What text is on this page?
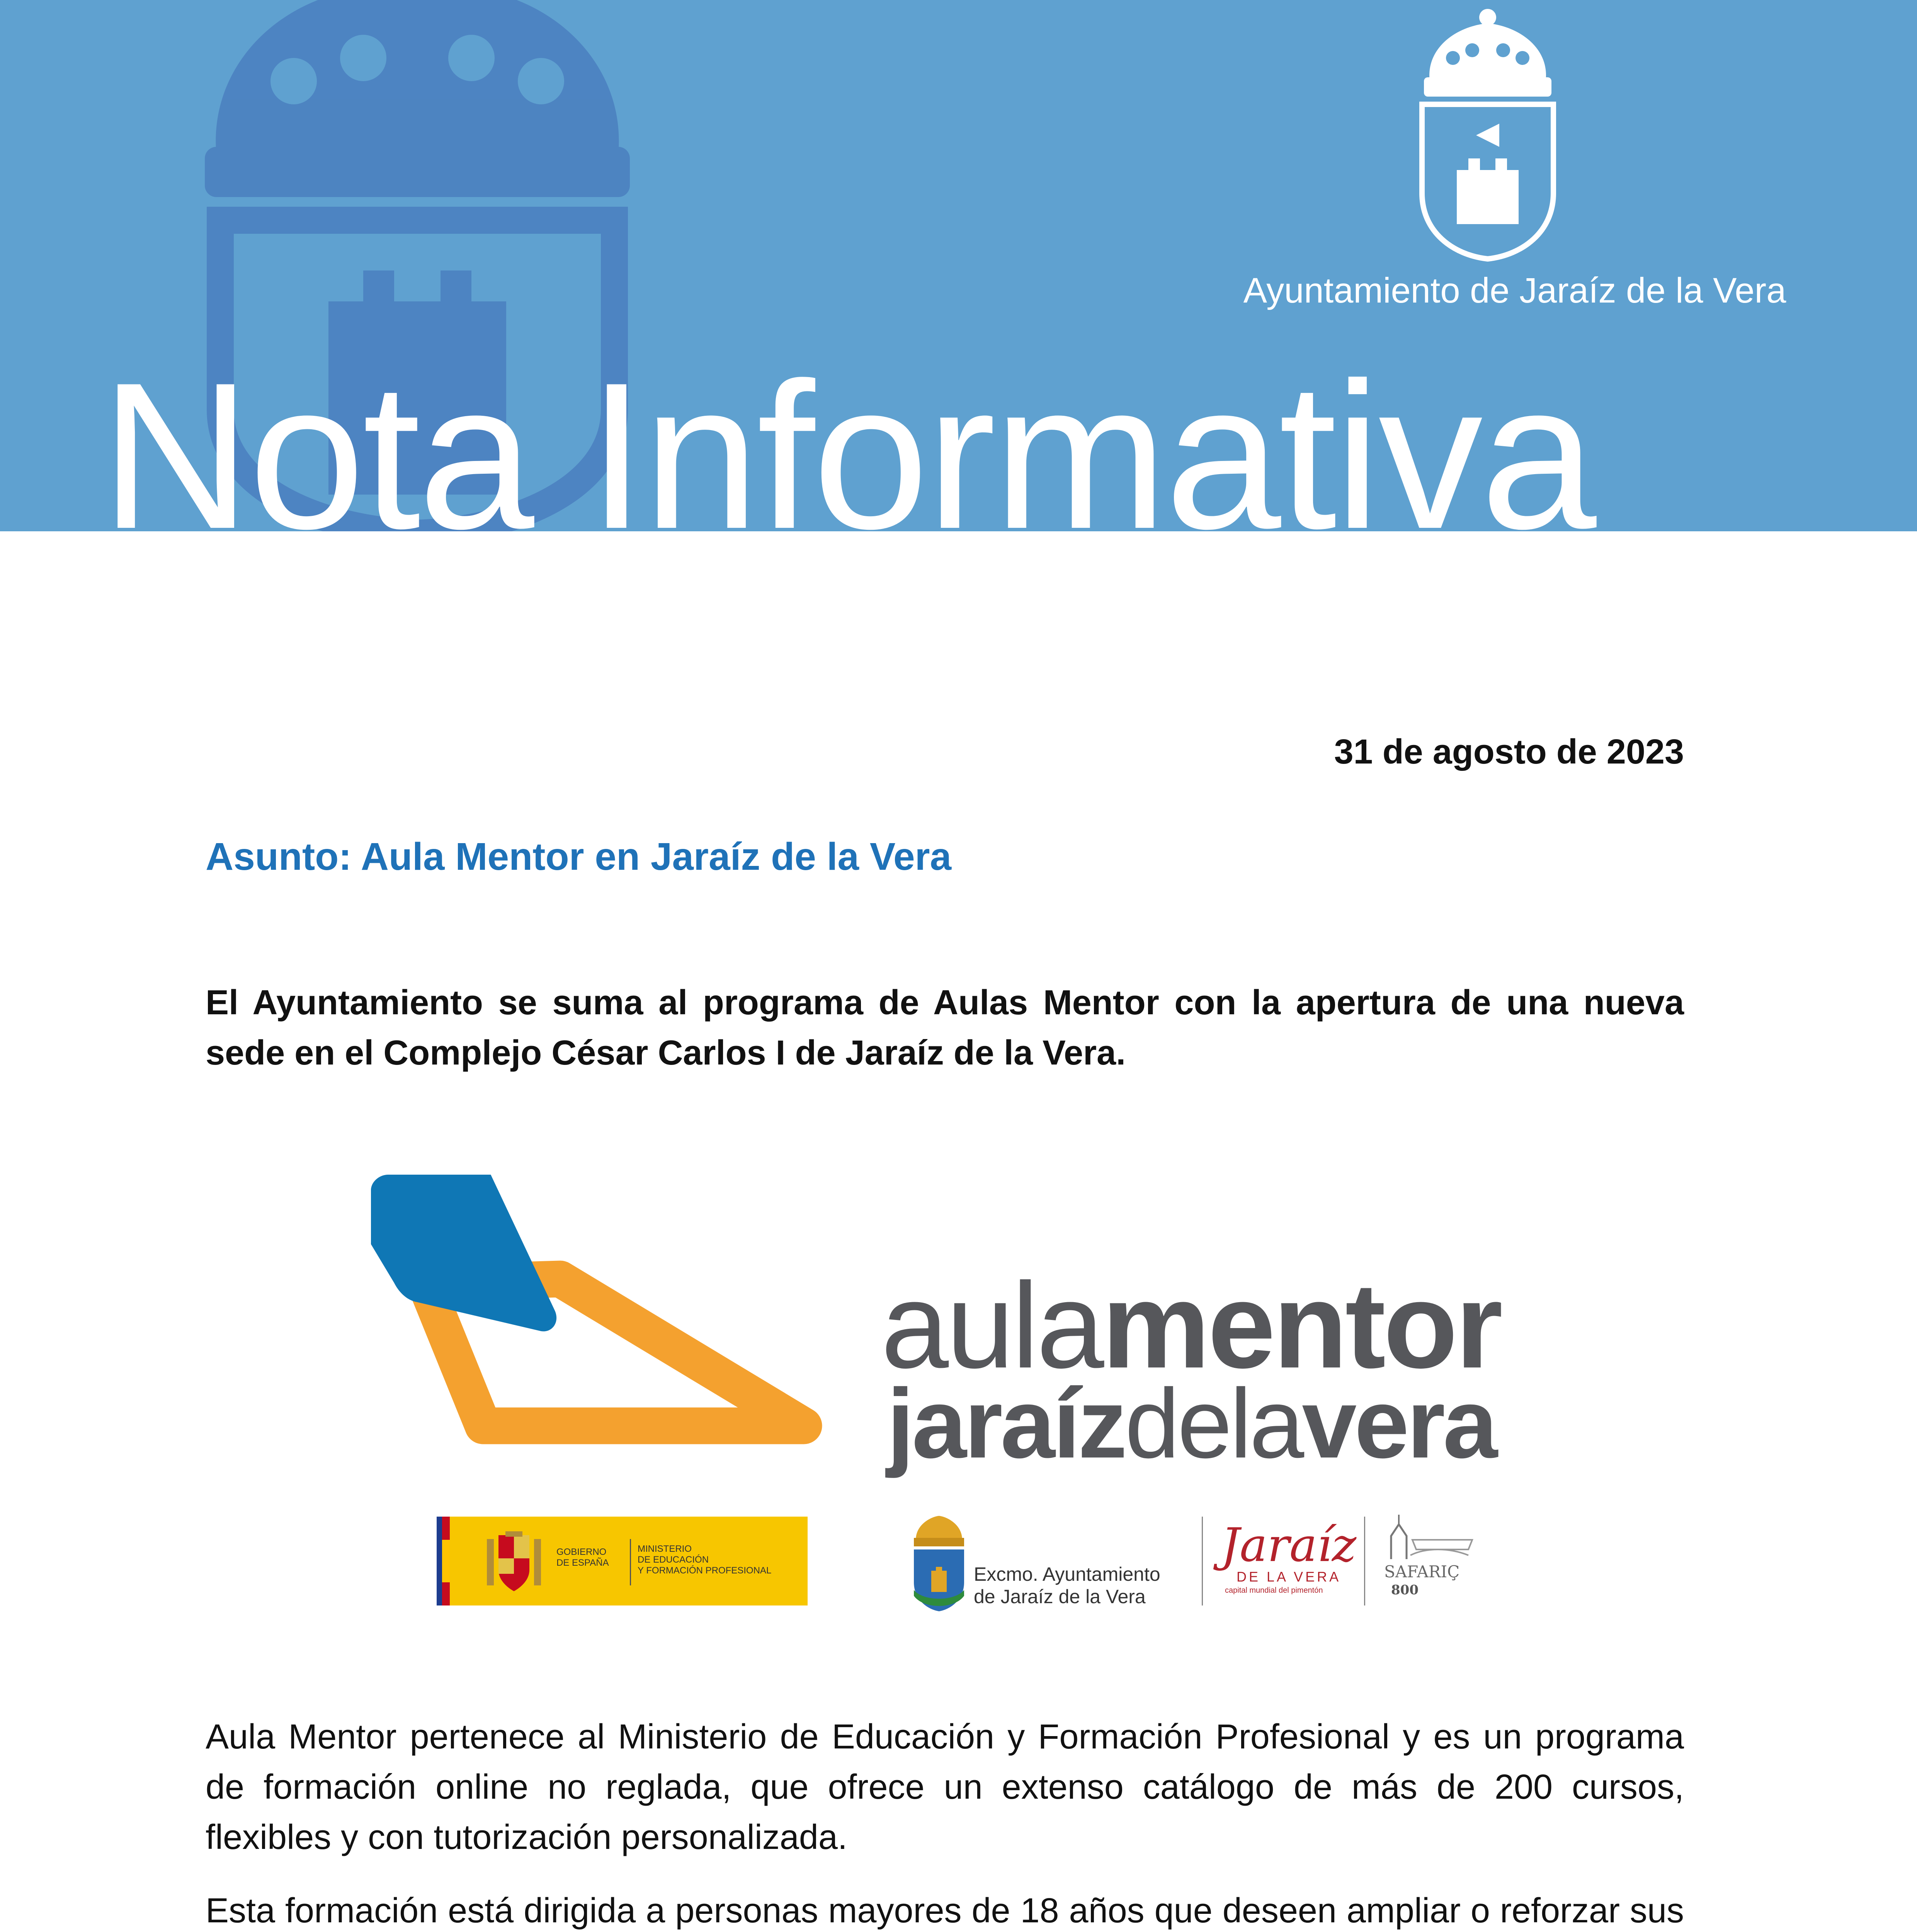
Ayuntamiento de Jaraíz de la Vera
Nota Informativa
31 de agosto de 2023
Asunto: Aula Mentor en Jaraíz de la Vera
El Ayuntamiento se suma al programa de Aulas Mentor con la apertura de una nueva sede en el Complejo César Carlos I de Jaraíz de la Vera.
aulamentor
jaraízdelavera
GOBIERNO
DE ESPAÑA
MINISTERIO
DE EDUCACIÓN
Y FORMACIÓN PROFESIONAL	Excmo. Ayuntamiento
de Jaraíz de la Vera
Jaraíz
DE LA VERA
capital mundial del pimentón
SAFARIÇ
800
Aula Mentor pertenece al Ministerio de Educación y Formación Profesional y es un programa de formación online no reglada, que ofrece un extenso catálogo de más de 200 cursos, flexibles y con tutorización personalizada.
Esta formación está dirigida a personas mayores de 18 años que deseen ampliar o reforzar sus
